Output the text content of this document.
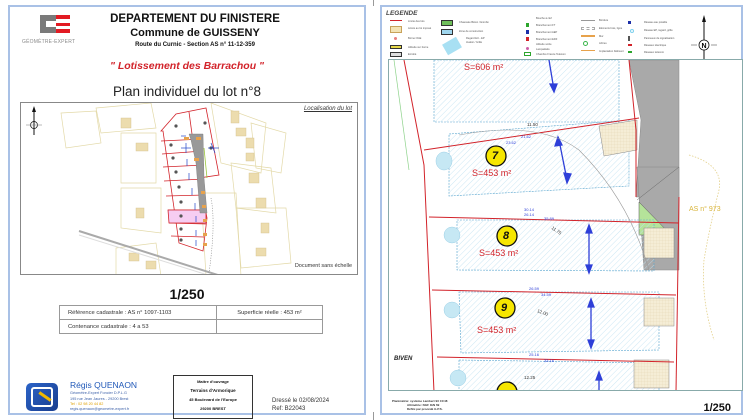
GÉOMÈTRE-EXPERT
DEPARTEMENT DU FINISTERE
Commune de GUISSENY
Route du Curnic - Section AS n° 11-12-359
" Lotissement des Barrachou "
Plan individuel du lot n°8
Localisation du lot
Document sans échelle
1/250
Référence cadastrale : AS n° 1097-1103	Superficie réelle : 453 m²
Contenance cadastrale : 4 a 53	
Régis QUENAON
Géomètre-Expert Foncier D.P.L.G
195 rue Jean Jaures - 29200 Brest
Tel : 02 98 20 44 82
regis.quenaon@geometre-expert.fr
Maitre d'ouvrage
Terrains d'Armorique
45 Boulevard de l'Europe
29200 BREST
Dressé le 02/08/2024
Ref: B22043
LEGENDE
Limite des lots
Accès au lot imposé
Borne OGE
Altitude sur borne
Enrobé
Chaussée Béton / Enrobé
Zone de construction
Regard EU - EP
Avaloir / Grille
Bouche à clef
Branchement FT
Branchement AEP
Branchement EDF
Altitude voirie
Lampadaire
Chambre France Telecom
Bordure
Eléments bois, ligne
Mur
Arbres
Implantation bâtiment
Réseau eau potable
Réseau EP, regard, grille
Panneaux de signalisation
Réseaux électrique
Réseaux telecom
N
S=606 m²
7
S=453 m²
8
S=453 m²
9
S=453 m²
AS n° 973
BIVEN
11.50
21.62
23.62
30.14
26.14
35.89
11.75
26.59
34.59
12.00
25.16
33.16
12.25
Planimétrie: système Lambert 93 CC48
Altimétrie: NGF IGN 69
Défini par procédé G.P.S.	1/250
